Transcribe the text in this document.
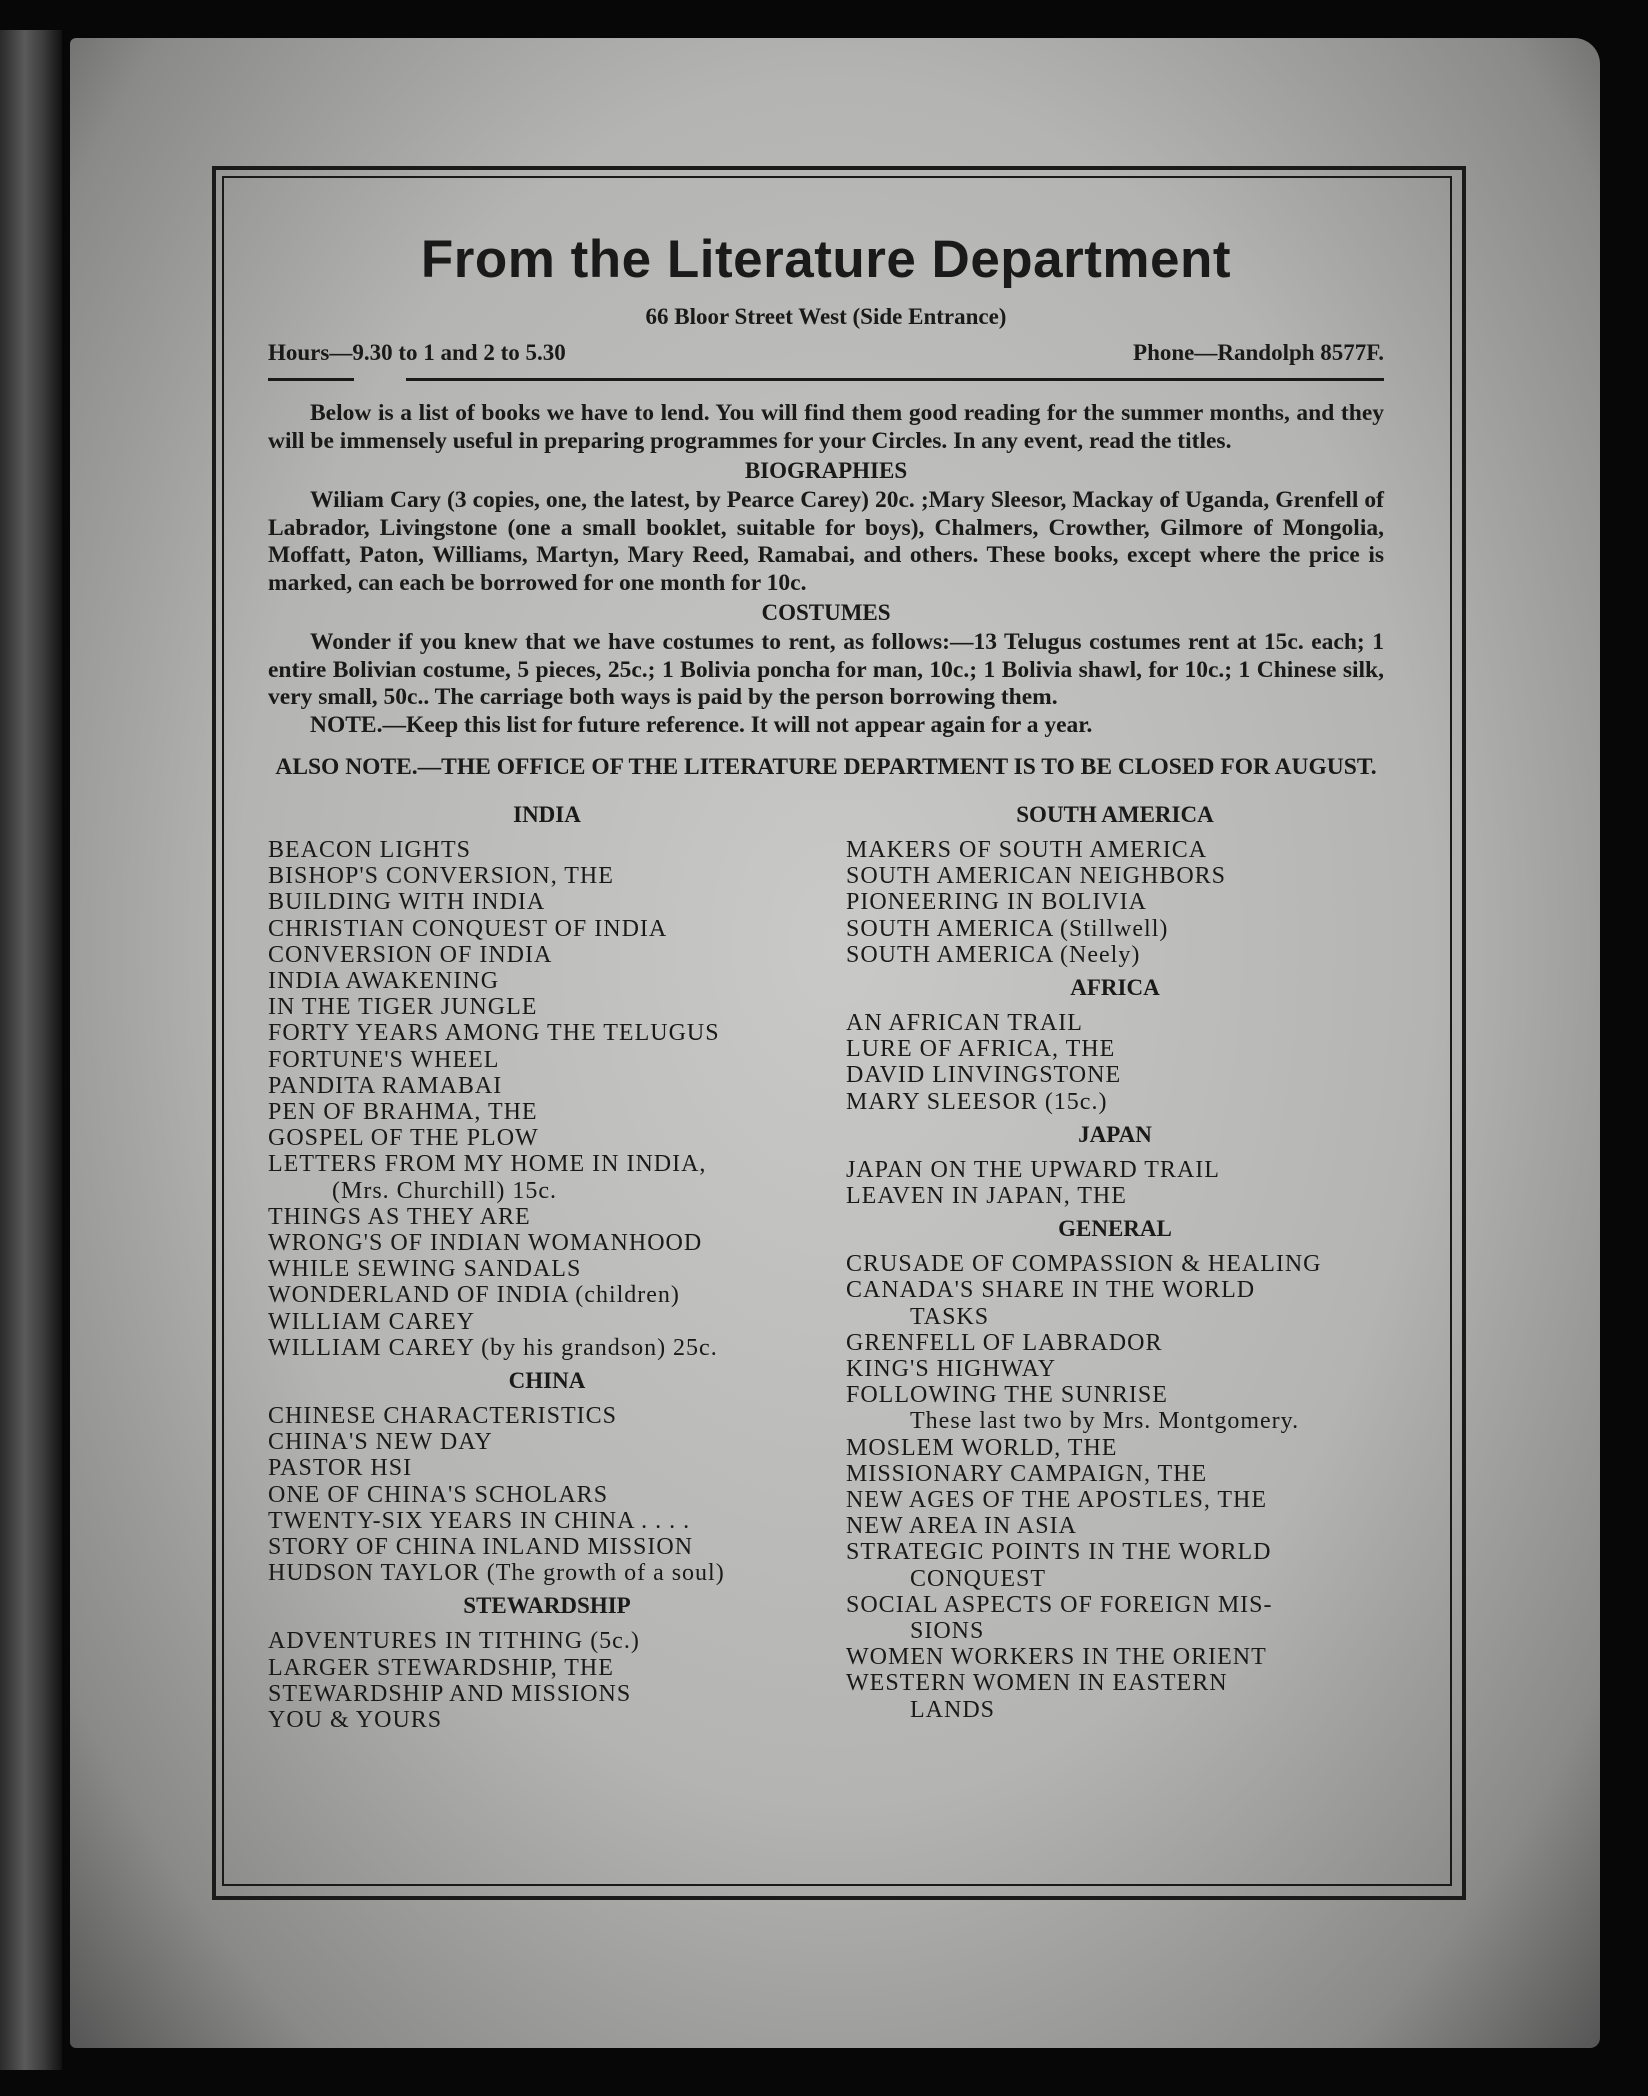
From the Literature Department
66 Bloor Street West (Side Entrance)
Hours—9.30 to 1 and 2 to 5.30	Phone—Randolph 8577F.

Below is a list of books we have to lend. You will find them good reading for the summer months, and they will be immensely useful in preparing programmes for your Circles. In any event, read the titles.

BIOGRAPHIES

Wiliam Cary (3 copies, one, the latest, by Pearce Carey) 20c. ;Mary Sleesor, Mackay of Uganda, Grenfell of Labrador, Livingstone (one a small booklet, suitable for boys), Chalmers, Crowther, Gilmore of Mongolia, Moffatt, Paton, Williams, Martyn, Mary Reed, Ramabai, and others. These books, except where the price is marked, can each be borrowed for one month for 10c.

COSTUMES

Wonder if you knew that we have costumes to rent, as follows:—13 Telugus costumes rent at 15c. each; 1 entire Bolivian costume, 5 pieces, 25c.; 1 Bolivia poncha for man, 10c.; 1 Bolivia shawl, for 10c.; 1 Chinese silk, very small, 50c.. The carriage both ways is paid by the person borrowing them.

NOTE.—Keep this list for future reference. It will not appear again for a year.

ALSO NOTE.—THE OFFICE OF THE LITERATURE DEPARTMENT IS TO BE CLOSED FOR AUGUST.
INDIA
BEACON LIGHTS
BISHOP'S CONVERSION, THE
BUILDING WITH INDIA
CHRISTIAN CONQUEST OF INDIA
CONVERSION OF INDIA
INDIA AWAKENING
IN THE TIGER JUNGLE
FORTY YEARS AMONG THE TELUGUS
FORTUNE'S WHEEL
PANDITA RAMABAI
PEN OF BRAHMA, THE
GOSPEL OF THE PLOW
LETTERS FROM MY HOME IN INDIA,
(Mrs. Churchill) 15c.
THINGS AS THEY ARE
WRONG'S OF INDIAN WOMANHOOD
WHILE SEWING SANDALS
WONDERLAND OF INDIA (children)
WILLIAM CAREY
WILLIAM CAREY (by his grandson) 25c.
CHINA
CHINESE CHARACTERISTICS
CHINA'S NEW DAY
PASTOR HSI
ONE OF CHINA'S SCHOLARS
TWENTY-SIX YEARS IN CHINA . . . .
STORY OF CHINA INLAND MISSION
HUDSON TAYLOR (The growth of a soul)
STEWARDSHIP
ADVENTURES IN TITHING (5c.)
LARGER STEWARDSHIP, THE
STEWARDSHIP AND MISSIONS
YOU & YOURS
SOUTH AMERICA
MAKERS OF SOUTH AMERICA
SOUTH AMERICAN NEIGHBORS
PIONEERING IN BOLIVIA
SOUTH AMERICA (Stillwell)
SOUTH AMERICA (Neely)
AFRICA
AN AFRICAN TRAIL
LURE OF AFRICA, THE
DAVID LINVINGSTONE
MARY SLEESOR (15c.)
JAPAN
JAPAN ON THE UPWARD TRAIL
LEAVEN IN JAPAN, THE
GENERAL
CRUSADE OF COMPASSION & HEALING
CANADA'S SHARE IN THE WORLD
TASKS
GRENFELL OF LABRADOR
KING'S HIGHWAY
FOLLOWING THE SUNRISE
These last two by Mrs. Montgomery.
MOSLEM WORLD, THE
MISSIONARY CAMPAIGN, THE
NEW AGES OF THE APOSTLES, THE
NEW AREA IN ASIA
STRATEGIC POINTS IN THE WORLD
CONQUEST
SOCIAL ASPECTS OF FOREIGN MIS-
SIONS
WOMEN WORKERS IN THE ORIENT
WESTERN WOMEN IN EASTERN
LANDS
